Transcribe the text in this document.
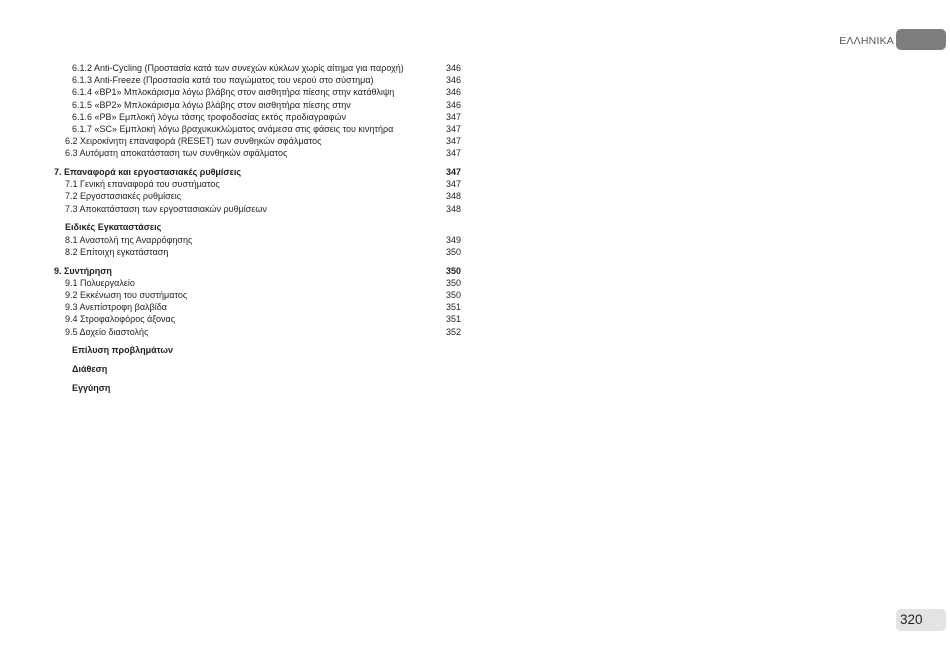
ΕΛΛΗΝΙΚΑ
6.1.2 Anti-Cycling (Προστασία κατά των συνεχών κύκλων χωρίς αίτημα για παροχή)	346
6.1.3 Anti-Freeze (Προστασία κατά του παγώματος του νερού στο σύστημα)	346
6.1.4 «BP1» Μπλοκάρισμα λόγω βλάβης στον αισθητήρα πίεσης στην κατάθλιψη	346
6.1.5 «BP2» Μπλοκάρισμα λόγω βλάβης στον αισθητήρα πίεσης στην	346
6.1.6 «PB» Εμπλοκή λόγω τάσης τροφοδοσίας εκτός προδιαγραφών	347
6.1.7 «SC» Εμπλοκή λόγω βραχυκυκλώματος ανάμεσα στις φάσεις του κινητήρα	347
6.2 Χειροκίνητη επαναφορά (RESET) των συνθηκών σφάλματος	347
6.3 Αυτόματη αποκατάσταση των συνθηκών σφάλματος	347
7. Επαναφορά και εργοστασιακές ρυθμίσεις	347
7.1 Γενική επαναφορά του συστήματος	347
7.2 Εργοστασιακές ρυθμίσεις	348
7.3 Αποκατάσταση των εργοστασιακών ρυθμίσεων	348
Ειδικές Εγκαταστάσεις
8.1 Αναστολή της Αναρρόφησης	349
8.2 Επίτοιχη εγκατάσταση	350
9. Συντήρηση	350
9.1 Πολυεργαλείο	350
9.2 Εκκένωση του συστήματος	350
9.3 Ανεπίστροφη βαλβίδα	351
9.4 Στροφαλοφόρος άξονας	351
9.5 Δοχείο διαστολής	352
Επίλυση προβλημάτων
Διάθεση
Εγγύηση
320
